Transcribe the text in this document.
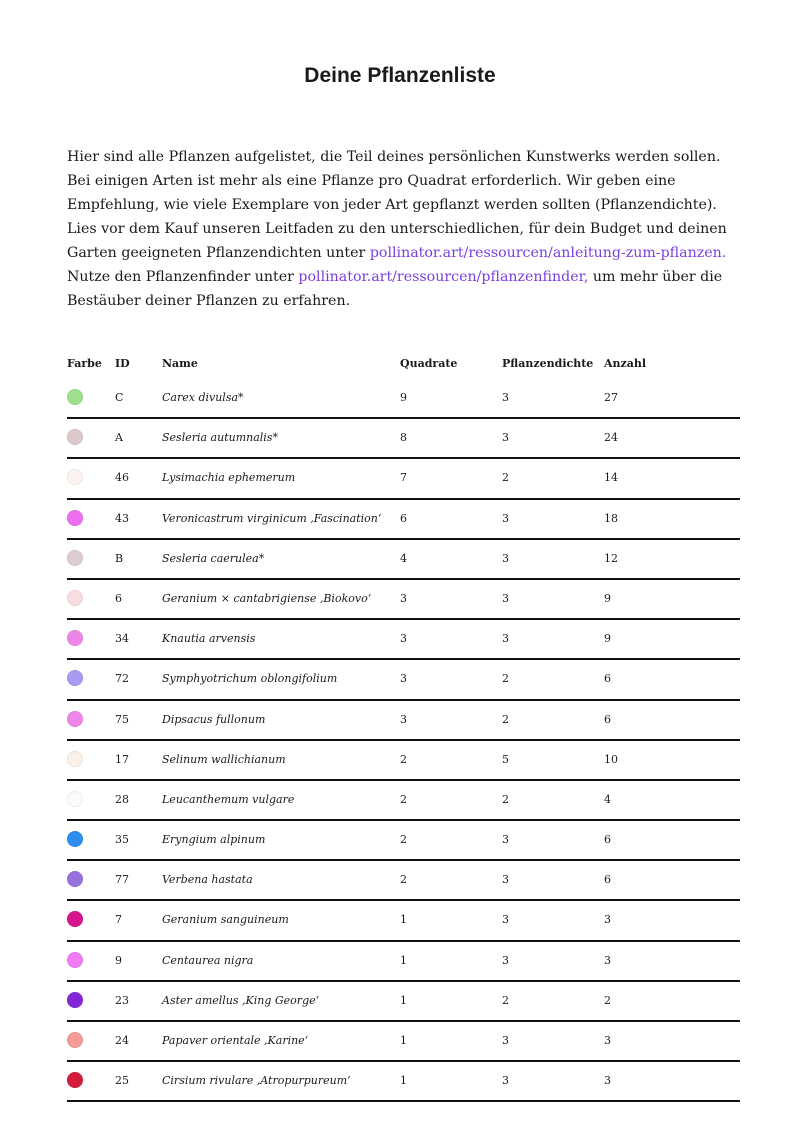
Deine Pflanzenliste
Hier sind alle Pflanzen aufgelistet, die Teil deines persönlichen Kunstwerks werden sollen.
Bei einigen Arten ist mehr als eine Pflanze pro Quadrat erforderlich. Wir geben eine
Empfehlung, wie viele Exemplare von jeder Art gepflanzt werden sollten (Pflanzendichte).
Lies vor dem Kauf unseren Leitfaden zu den unterschiedlichen, für dein Budget und deinen
Garten geeigneten Pflanzendichten unter pollinator.art/ressourcen/anleitung-zum-pflanzen.
Nutze den Pflanzenfinder unter pollinator.art/ressourcen/pflanzenfinder, um mehr über die
Bestäuber deiner Pflanzen zu erfahren.
Farbe ID	Name	Quadrate	Pflanzendichte Anzahl
C	Carex divulsa*	9	3	27
A	Sesleria autumnalis*	8	3	24
46	Lysimachia ephemerum	7	2	14
43	Veronicastrum virginicum ‚Fascination‘ 6	3	18
B	Sesleria caerulea*	4	3	12
6	Geranium × cantabrigiense ‚Biokovo‘	3	3	9
34	Knautia arvensis	3	3	9
72	Symphyotrichum oblongifolium	3	2	6
75	Dipsacus fullonum	3	2	6
17	Selinum wallichianum	2	5	10
28	Leucanthemum vulgare	2	2	4
35	Eryngium alpinum	2	3	6
77	Verbena hastata	2	3	6
7	Geranium sanguineum	1	3	3
9	Centaurea nigra	1	3	3
23	Aster amellus ‚King George‘	1	2	2
24	Papaver orientale ‚Karine‘	1	3	3
25	Cirsium rivulare ‚Atropurpureum‘	1	3	3
